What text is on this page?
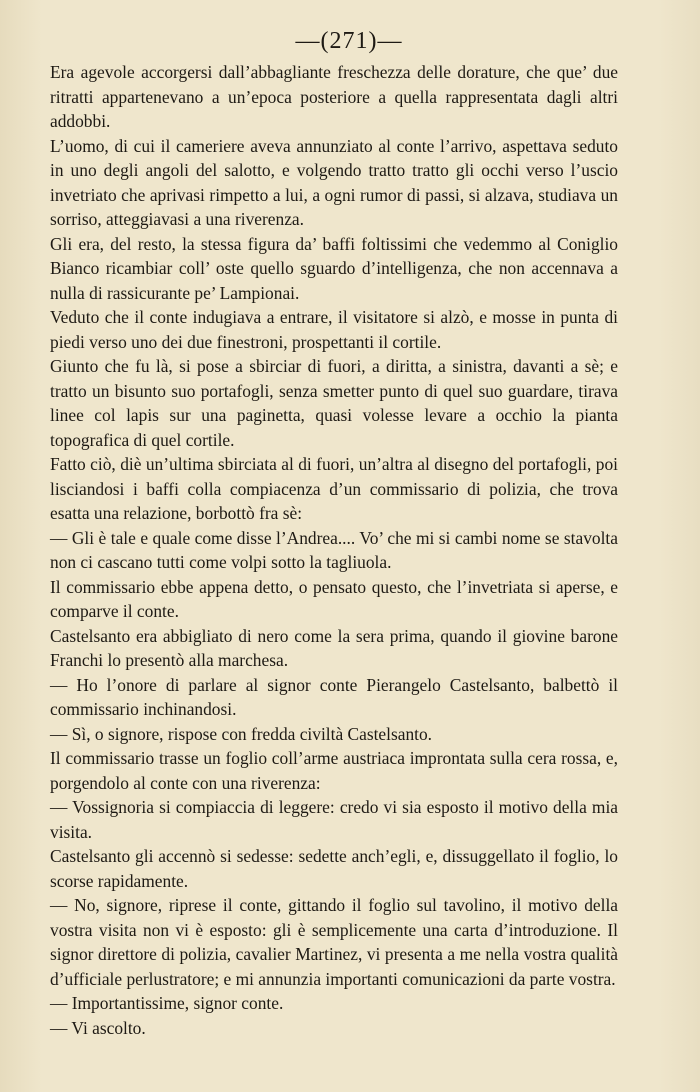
—(271)—

Era agevole accorgersi dall’abbagliante freschezza delle dorature, che que’ due ritratti appartenevano a un’epoca posteriore a quella rappresentata dagli altri addobbi.

L’uomo, di cui il cameriere aveva annunziato al conte l’arrivo, aspettava seduto in uno degli angoli del salotto, e volgendo tratto tratto gli occhi verso l’uscio invetriato che aprivasi rimpetto a lui, a ogni rumor di passi, si alzava, studiava un sorriso, atteggiavasi a una riverenza.

Gli era, del resto, la stessa figura da’ baffi foltissimi che vedemmo al Coniglio Bianco ricambiar coll’ oste quello sguardo d’intelligenza, che non accennava a nulla di rassicurante pe’ Lampionai.

Veduto che il conte indugiava a entrare, il visitatore si alzò, e mosse in punta di piedi verso uno dei due finestroni, prospettanti il cortile.

Giunto che fu là, si pose a sbirciar di fuori, a diritta, a sinistra, davanti a sè; e tratto un bisunto suo portafogli, senza smetter punto di quel suo guardare, tirava linee col lapis sur una paginetta, quasi volesse levare a occhio la pianta topografica di quel cortile.

Fatto ciò, diè un’ultima sbirciata al di fuori, un’altra al disegno del portafogli, poi lisciandosi i baffi colla compiacenza d’un commissario di polizia, che trova esatta una relazione, borbottò fra sè:

— Gli è tale e quale come disse l’Andrea.... Vo’ che mi si cambi nome se stavolta non ci cascano tutti come volpi sotto la tagliuola.

Il commissario ebbe appena detto, o pensato questo, che l’invetriata si aperse, e comparve il conte.

Castelsanto era abbigliato di nero come la sera prima, quando il giovine barone Franchi lo presentò alla marchesa.

— Ho l’onore di parlare al signor conte Pierangelo Castelsanto, balbettò il commissario inchinandosi.

— Sì, o signore, rispose con fredda civiltà Castelsanto.

Il commissario trasse un foglio coll’arme austriaca improntata sulla cera rossa, e, porgendolo al conte con una riverenza:

— Vossignoria si compiaccia di leggere: credo vi sia esposto il motivo della mia visita.

Castelsanto gli accennò si sedesse: sedette anch’egli, e, dissuggellato il foglio, lo scorse rapidamente.

— No, signore, riprese il conte, gittando il foglio sul tavolino, il motivo della vostra visita non vi è esposto: gli è semplicemente una carta d’introduzione. Il signor direttore di polizia, cavalier Martinez, vi presenta a me nella vostra qualità d’ufficiale perlustratore; e mi annunzia importanti comunicazioni da parte vostra.

— Importantissime, signor conte.

— Vi ascolto.
